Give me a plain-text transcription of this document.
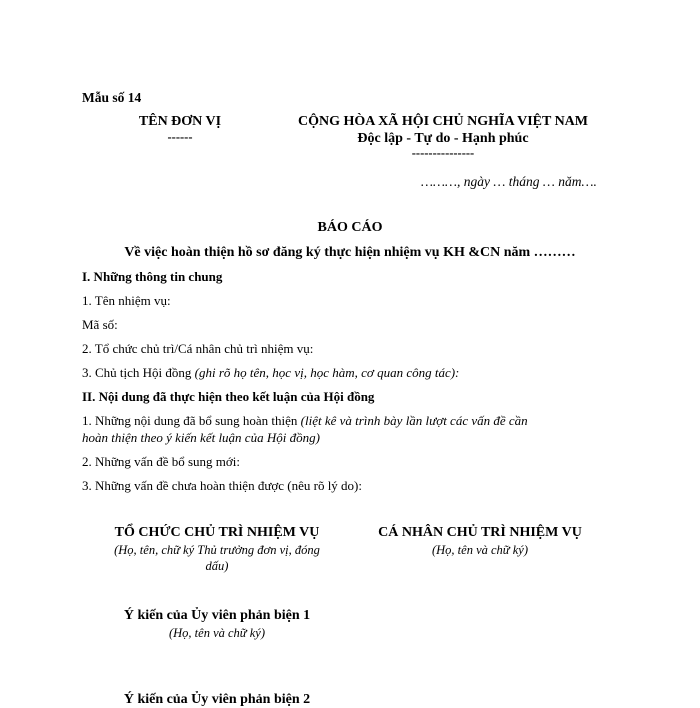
Mẫu số 14
TÊN ĐƠN VỊ
------
CỘNG HÒA XÃ HỘI CHỦ NGHĨA VIỆT NAM
Độc lập - Tự do - Hạnh phúc
---------------
………, ngày … tháng … năm….
BÁO CÁO
Về việc hoàn thiện hồ sơ đăng ký thực hiện nhiệm vụ KH &CN năm ………
I. Những thông tin chung
1. Tên nhiệm vụ:
Mã số:
2. Tổ chức chủ trì/Cá nhân chủ trì nhiệm vụ:
3. Chủ tịch Hội đồng (ghi rõ họ tên, học vị, học hàm, cơ quan công tác):
II. Nội dung đã thực hiện theo kết luận của Hội đồng
1. Những nội dung đã bổ sung hoàn thiện (liệt kê và trình bày lần lượt các vấn đề cần
hoàn thiện theo ý kiến kết luận của Hội đồng)
2. Những vấn đề bổ sung mới:
3. Những vấn đề chưa hoàn thiện được (nêu rõ lý do):
TỔ CHỨC CHỦ TRÌ NHIỆM VỤ
(Họ, tên, chữ ký Thủ trưởng đơn vị, đóng
dấu)
CÁ NHÂN CHỦ TRÌ NHIỆM VỤ
(Họ, tên và chữ ký)
Ý kiến của Ủy viên phản biện 1
(Họ, tên và chữ ký)
Ý kiến của Ủy viên phản biện 2
